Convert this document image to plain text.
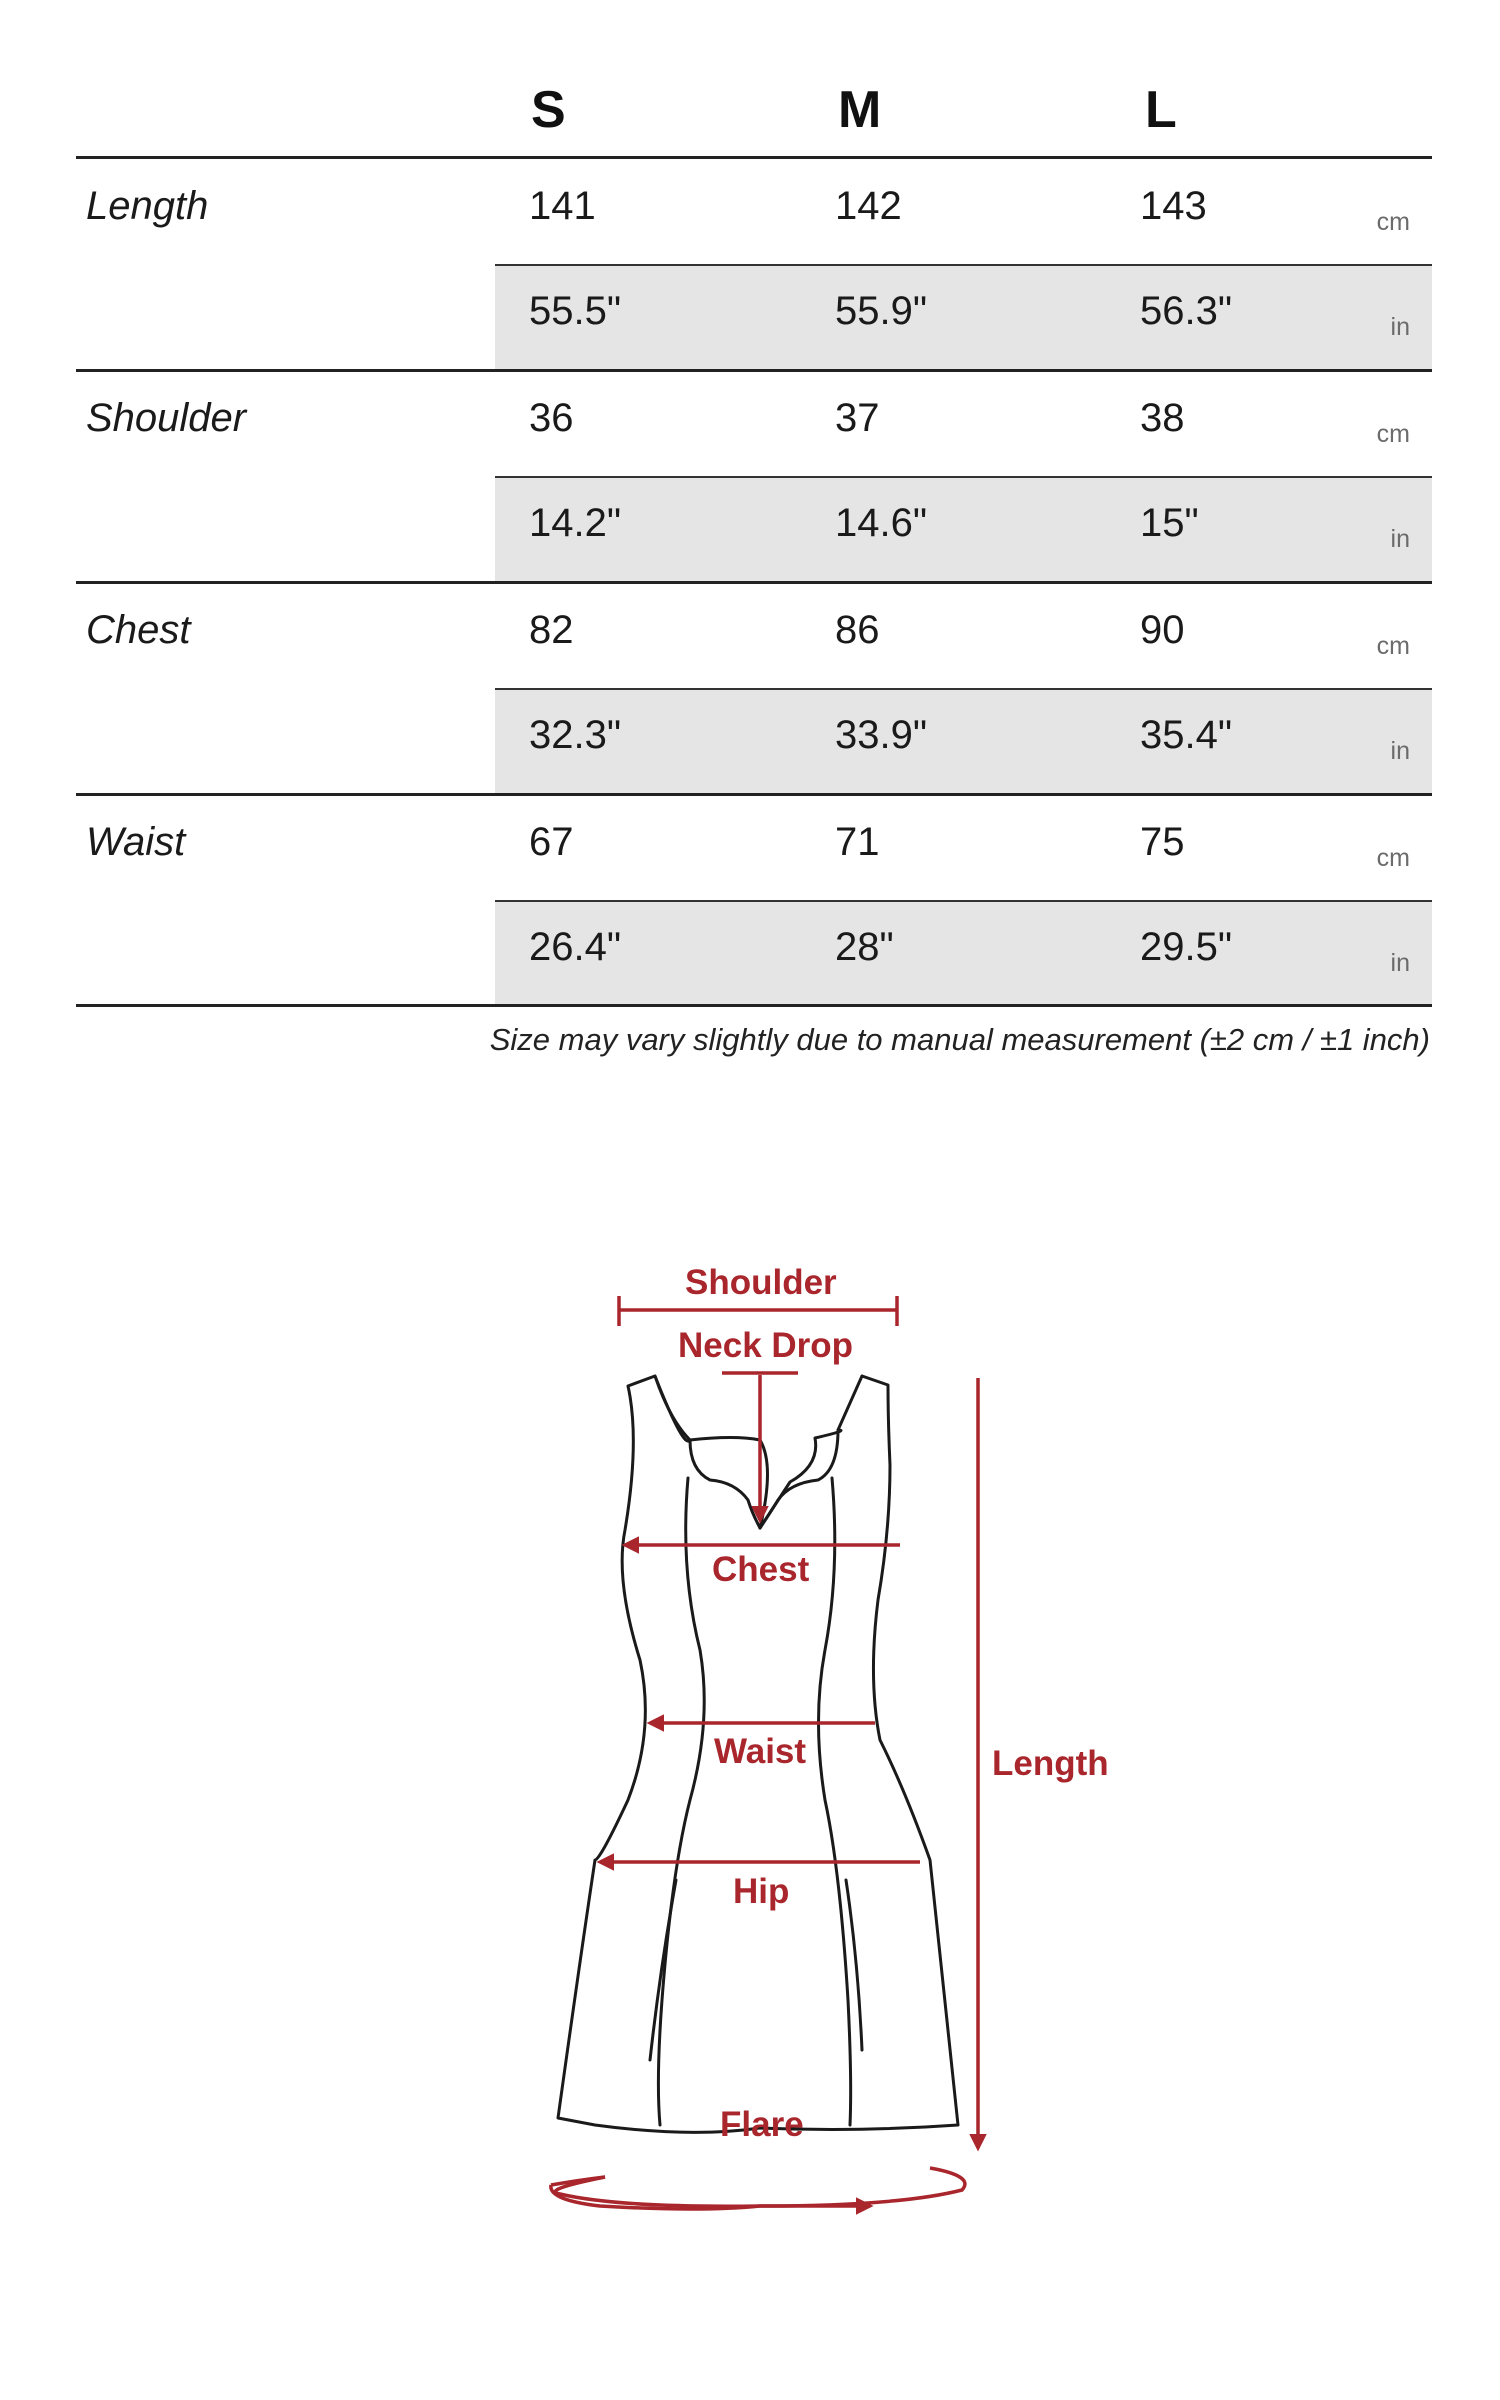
S	M	L
Length	141	142	143	cm
55.5"	55.9"	56.3"	in
Shoulder	36	37	38	cm
14.2"	14.6"	15"	in
Chest	82	86	90	cm
32.3"	33.9"	35.4"	in
Waist	67	71	75	cm
26.4"	28"	29.5"	in
Size may vary slightly due to manual measurement (±2 cm / ±1 inch)
Shoulder
Neck Drop
Chest
Waist
Hip
Flare
Length
